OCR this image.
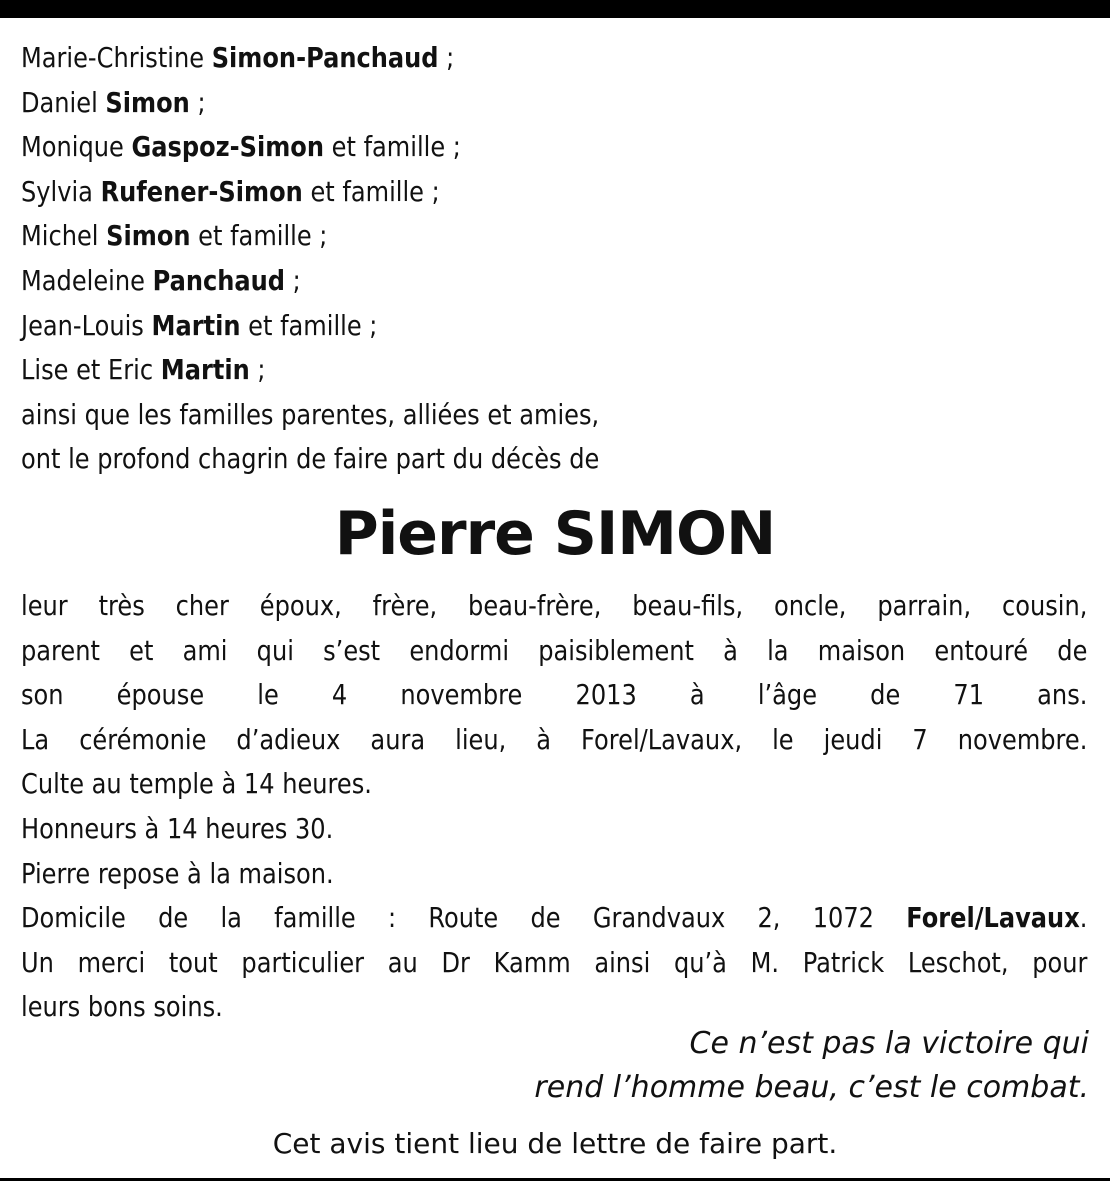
Marie-Christine Simon-Panchaud ;
Daniel Simon ;
Monique Gaspoz-Simon et famille ;
Sylvia Rufener-Simon et famille ;
Michel Simon et famille ;
Madeleine Panchaud ;
Jean-Louis Martin et famille ;
Lise et Eric Martin ;
ainsi que les familles parentes, alliées et amies,
ont le profond chagrin de faire part du décès de
Pierre SIMON
leur très cher époux, frère, beau-frère, beau-fils, oncle, parrain, cousin,
parent et ami qui s’est endormi paisiblement à la maison entouré de
son épouse le 4 novembre 2013 à l’âge de 71 ans.
La cérémonie d’adieux aura lieu, à Forel/Lavaux, le jeudi 7 novembre.
Culte au temple à 14 heures.
Honneurs à 14 heures 30.
Pierre repose à la maison.
Domicile de la famille : Route de Grandvaux 2, 1072 Forel/Lavaux.
Un merci tout particulier au Dr Kamm ainsi qu’à M. Patrick Leschot, pour
leurs bons soins.
Ce n’est pas la victoire qui
rend l’homme beau, c’est le combat.
Cet avis tient lieu de lettre de faire part.
